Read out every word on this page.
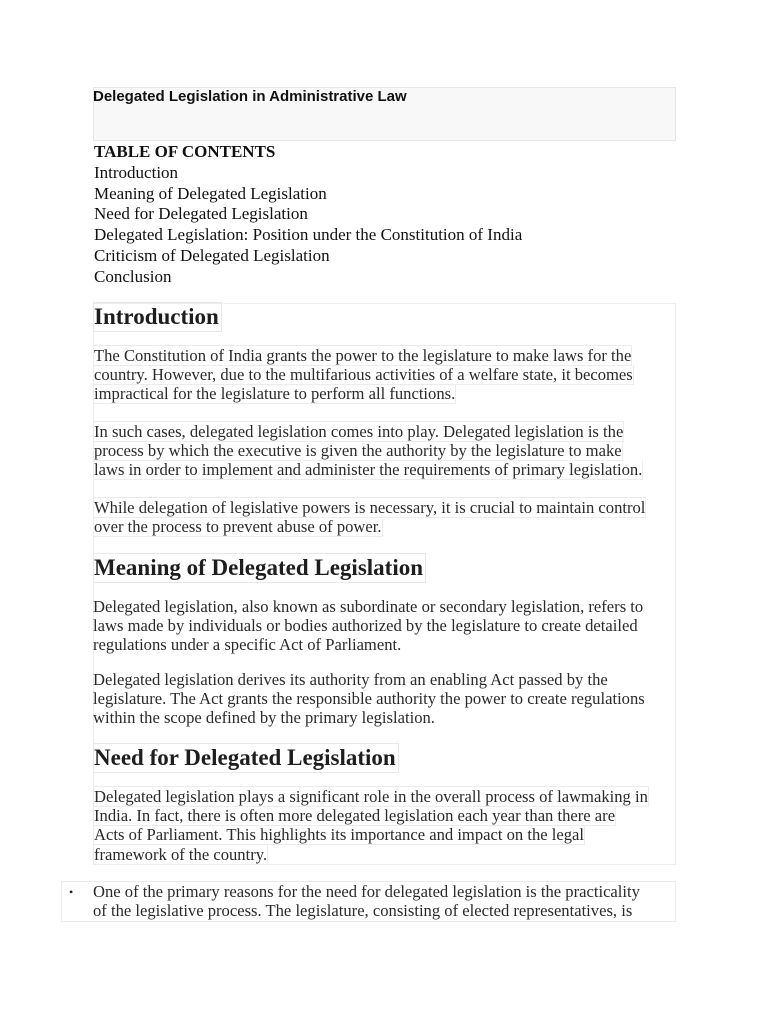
Delegated Legislation in Administrative Law
TABLE OF CONTENTS
Introduction
Meaning of Delegated Legislation
Need for Delegated Legislation
Delegated Legislation: Position under the Constitution of India
Criticism of Delegated Legislation
Conclusion
Introduction
The Constitution of India grants the power to the legislature to make laws for the
country. However, due to the multifarious activities of a welfare state, it becomes
impractical for the legislature to perform all functions.
In such cases, delegated legislation comes into play. Delegated legislation is the
process by which the executive is given the authority by the legislature to make
laws in order to implement and administer the requirements of primary legislation.
While delegation of legislative powers is necessary, it is crucial to maintain control
over the process to prevent abuse of power.
Meaning of Delegated Legislation
Delegated legislation, also known as subordinate or secondary legislation, refers to
laws made by individuals or bodies authorized by the legislature to create detailed
regulations under a specific Act of Parliament.
Delegated legislation derives its authority from an enabling Act passed by the
legislature. The Act grants the responsible authority the power to create regulations
within the scope defined by the primary legislation.
Need for Delegated Legislation
Delegated legislation plays a significant role in the overall process of lawmaking in
India. In fact, there is often more delegated legislation each year than there are
Acts of Parliament. This highlights its importance and impact on the legal
framework of the country.
• One of the primary reasons for the need for delegated legislation is the practicality
of the legislative process. The legislature, consisting of elected representatives, is
